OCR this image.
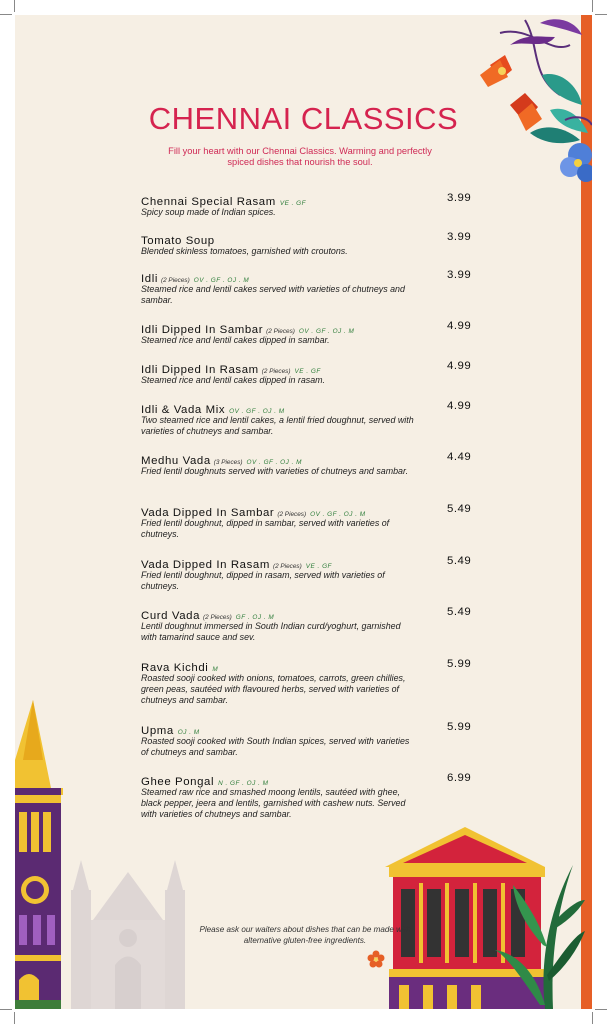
CHENNAI CLASSICS
Fill your heart with our Chennai Classics. Warming and perfectly spiced dishes that nourish the soul.
Chennai Special Rasam VE . GF	3.99
Spicy soup made of Indian spices.
Tomato Soup	3.99
Blended skinless tomatoes, garnished with croutons.
Idli (2 Pieces) OV . GF . OJ . M	3.99
Steamed rice and lentil cakes served with varieties of chutneys and sambar.
Idli Dipped In Sambar (2 Pieces) OV . GF . OJ . M	4.99
Steamed rice and lentil cakes dipped in sambar.
Idli Dipped In Rasam (2 Pieces) VE . GF	4.99
Steamed rice and lentil cakes dipped in rasam.
Idli & Vada Mix OV . GF . OJ . M	4.99
Two steamed rice and lentil cakes, a lentil fried doughnut, served with varieties of chutneys and sambar.
Medhu Vada (3 Pieces) OV . GF . OJ . M	4.49
Fried lentil doughnuts served with varieties of chutneys and sambar.
Vada Dipped In Sambar (2 Pieces) OV . GF . OJ . M	5.49
Fried lentil doughnut, dipped in sambar, served with varieties of chutneys.
Vada Dipped In Rasam (2 Pieces) VE . GF	5.49
Fried lentil doughnut, dipped in rasam, served with varieties of chutneys.
Curd Vada (2 Pieces) GF . OJ . M	5.49
Lentil doughnut immersed in South Indian curd/yoghurt, garnished with tamarind sauce and sev.
Rava Kichdi M	5.99
Roasted sooji cooked with onions, tomatoes, carrots, green chillies, green peas, sautéed with flavoured herbs, served with varieties of chutneys and sambar.
Upma OJ . M	5.99
Roasted sooji cooked with South Indian spices, served with varieties of chutneys and sambar.
Ghee Pongal N . GF . OJ . M	6.99
Steamed raw rice and smashed moong lentils, sautéed with ghee, black pepper, jeera and lentils, garnished with cashew nuts. Served with varieties of chutneys and sambar.
Please ask our waiters about dishes that can be made with alternative gluten-free ingredients.
